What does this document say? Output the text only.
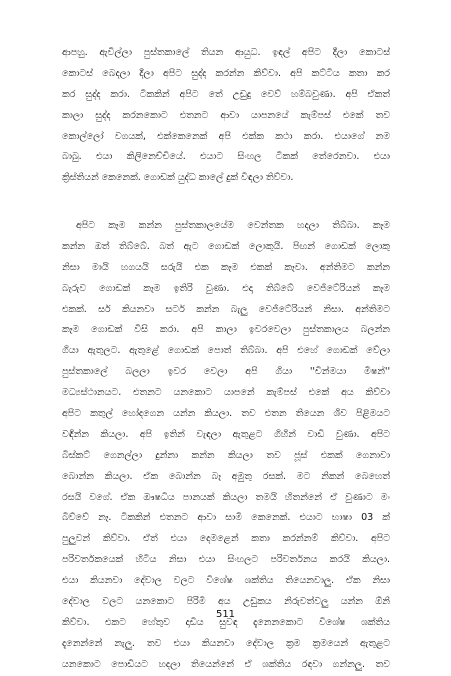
ආපහු. ඇවිල්ලා පුස්තකාලේ තියන ආයුධ. ඉඳල් අපිට දීලා කොටස්
කොටස් බෙදලා දීලා අපිට සුද්ද කරන්න කිව්වා. අපි කට්ටිය කතා කර
කර සුද්ද කරා. ටිකකින් අපිට තේ උඩුදු වෙව් හම්බවුණා. අපි ඒකත්
කාලා සුද්ද කරනකොට එතනට ආවා යාපනයේ කැම්පස් එකේ තව
කොල්ලෝ වගයක්, එක්කෙනෙක් අපි එක්ක කථා කරා. එයාගේ නම
බාබු. එයා කිලිනෙච්චියේ. එයාට සිංහල ටිකක් තේරෙනවා. එයා
ක්‍රිස්තියන් කෙනෙක්. ගොඩක් යුද්ධ කාලේ දුක් විඳලා තිව්වා.
අපිට කෑම කන්න පුස්තකාලයේම වෙන්තක හදලා තිබ්බා. කෑම
කන්න ඔත් තිබ්බේ. බත් ඇට ගොඩක් ලොකුයි. පිඟන් ගොඩක් ලොකු
නිසා මායි හගයයි සරුයි එක කෑම එකක් කෑවා. අන්තිමට කන්න
බැරුව ගොඩක් කෑම ඉතිරි වුණා. එදා තිබ්බේ වෙජිටේරියන් කෑම
එකක්. සර් කියනවා සර්ට කන්න බැලු වෙජිටේරියන් නිසා. අන්තිමට
කෑම ගොඩක් විසි කරා. අපි කාලා ඉවරවෙලා පුස්තකාලය බලන්න
ගියා ඇතුලට. ඇතුළේ ගොඩක් පොත් තිබ්බා. අපි එහේ ගොඩක් වේලා
පුස්තකාලේ බලලා ඉවර වෙලා අපි ගියා ''චින්මයා මිෂන්''
මධ්‍යස්ථානයට. එතනට යනකොට යාපනේ කැම්පස් එකේ අය කිව්වා
අපිට කතුල් හෝදගෙන යන්න කියලා. තව එතන තියෙන ශිව පිළිමයට
වඳින්න කියලා. අපි ඉතින් වැඳලා ඇතුළට ගිහින් වාඩි වුණා. අපිට
බිස්කට් ගෙනල්ලා දුන්නා කන්න කියලා තව ජූස් එකක් ගෙනාවා
බොන්න කියලා. ඒක බොන්න බෑ අමුතු රසක්. මට නිකන් බෙහෙත්
රසයි වගේ. ඒක ඖෂධිය පානයක් කියලා තමයි හිතන්නේ ඒ වුණාට මං
බිව්වේ නෑ. ටිකකින් එතනට ආවා සාමි කෙනෙක්. එයාට භාෂා 03 ක්
පුලුවන් කිව්වා. ඒත් එයා දෙමළෙන් කතා කරන්නම් කිව්වා. අපිට
පරිවර්තකයෙක් හිටිය නිසා එයා සිංහලට පරිවර්තනය කරයි කියලා.
එයා කියනවා දේවාල වලට විශේෂ ශක්තිය තියෙනවාලු. ඒක නිසා
දේවාල වලට යනකොට පිරිමි අය උඩුකය නිරුවත්වලු යන්න ඕනි
කිව්වා. එකට හේතුව දාඩිය සුවඳ දැනෙනකොට විශේෂ ශක්තිය
දැනෙන්නේ නැලු. තව එයා කියනවා දේවාල ක්‍රම ක්‍රමයෙන් ඇතුළට
යනකොට පොඩියට හදලා තියෙන්නේ ඒ ශක්තිය රඳවා ගන්නලු. තව
511
